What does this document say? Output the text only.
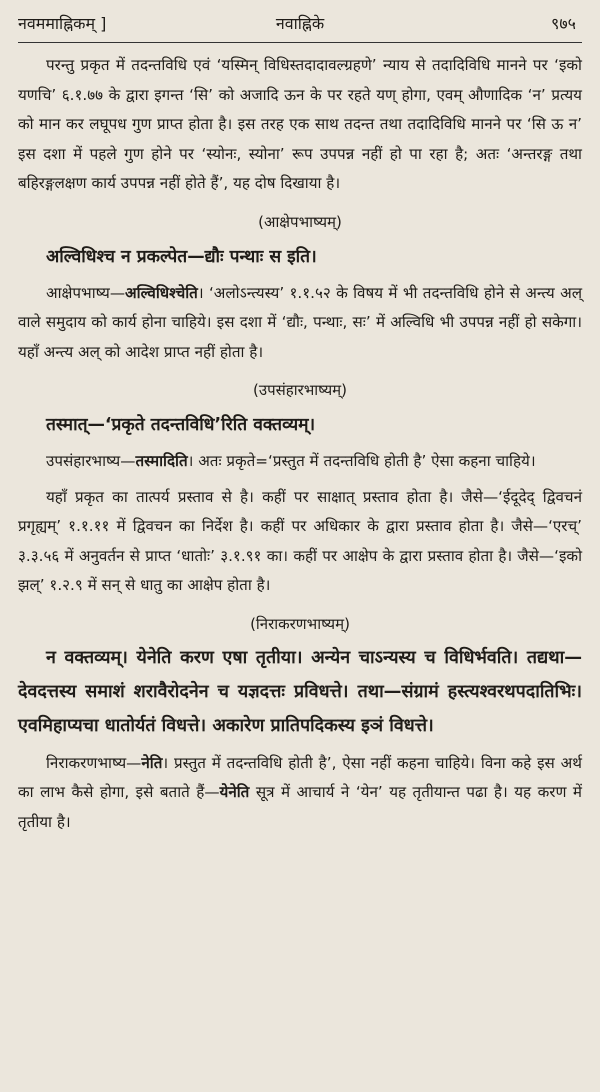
नवममाह्निकम् ]	नवाह्निके	९७५

परन्तु प्रकृत में तदन्तविधि एवं ‘यस्मिन् विधिस्तदादावल्ग्रहणे’ न्याय से तदादिविधि मानने पर ‘इको यणचि’ ६.१.७७ के द्वारा इगन्त ‘सि’ को अजादि ऊन के पर रहते यण् होगा, एवम् औणादिक ‘न’ प्रत्यय को मान कर लघूपध गुण प्राप्त होता है। इस तरह एक साथ तदन्त तथा तदादिविधि मानने पर ‘सि ऊ न’ इस दशा में पहले गुण होने पर ‘स्योनः, स्योना’ रूप उपपन्न नहीं हो पा रहा है; अतः ‘अन्तरङ्ग तथा बहिरङ्गलक्षण कार्य उपपन्न नहीं होते हैं’, यह दोष दिखाया है।

(आक्षेपभाष्यम्)
अल्विधिश्च न प्रकल्पेत—द्यौः पन्थाः स इति।

आक्षेपभाष्य—अल्विधिश्चेति। ‘अलोऽन्त्यस्य’ १.१.५२ के विषय में भी तदन्तविधि होने से अन्त्य अल् वाले समुदाय को कार्य होना चाहिये। इस दशा में ‘द्यौः, पन्थाः, सः’ में अल्विधि भी उपपन्न नहीं हो सकेगा। यहाँ अन्त्य अल् को आदेश प्राप्त नहीं होता है।

(उपसंहारभाष्यम्)
तस्मात्—‘प्रकृते तदन्तविधि’रिति वक्तव्यम्।

उपसंहारभाष्य—तस्मादिति। अतः प्रकृते=‘प्रस्तुत में तदन्तविधि होती है’ ऐसा कहना चाहिये।

यहाँ प्रकृत का तात्पर्य प्रस्ताव से है। कहीं पर साक्षात् प्रस्ताव होता है। जैसे—‘ईदूदेद् द्विवचनं प्रगृह्यम्’ १.१.११ में द्विवचन का निर्देश है। कहीं पर अधिकार के द्वारा प्रस्ताव होता है। जैसे—‘एरच्’ ३.३.५६ में अनुवर्तन से प्राप्त ‘धातोः’ ३.१.९१ का। कहीं पर आक्षेप के द्वारा प्रस्ताव होता है। जैसे—‘इको झल्’ १.२.९ में सन् से धातु का आक्षेप होता है।

(निराकरणभाष्यम्)

न वक्तव्यम्। येनेति करण एषा तृतीया। अन्येन चाऽन्यस्य च विधिर्भवति। तद्यथा—देवदत्तस्य समाशं शरावैरोदनेन च यज्ञदत्तः प्रविधत्ते। तथा—संग्रामं हस्त्यश्वरथपदातिभिः। एवमिहाप्यचा धातोर्यतं विधत्ते। अकारेण प्रातिपदिकस्य इञं विधत्ते।

निराकरणभाष्य—नेति। प्रस्तुत में तदन्तविधि होती है’, ऐसा नहीं कहना चाहिये। विना कहे इस अर्थ का लाभ कैसे होगा, इसे बताते हैं—येनेति सूत्र में आचार्य ने ‘येन’ यह तृतीयान्त पढा है। यह करण में तृतीया है।
